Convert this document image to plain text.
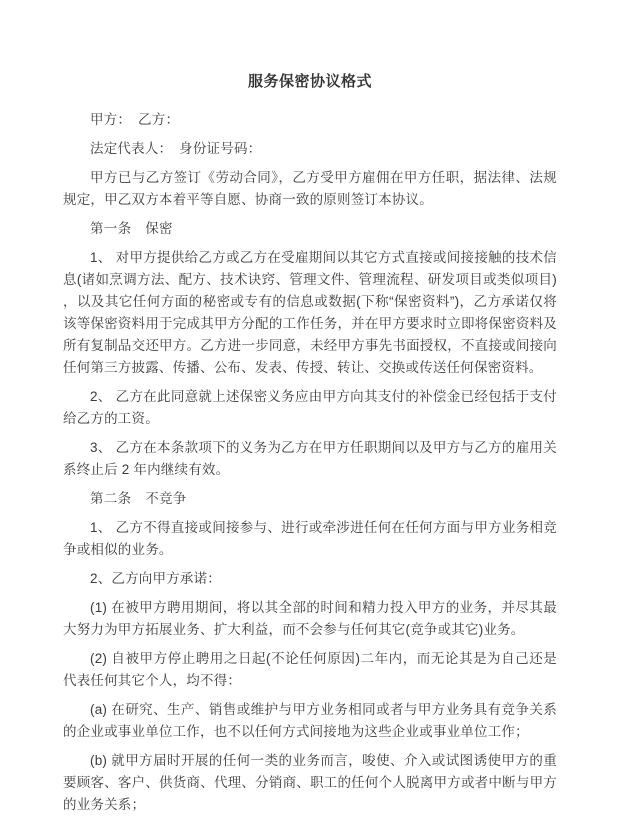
服务保密协议格式

甲方：　乙方：

法定代表人：　身份证号码：

甲方已与乙方签订《劳动合同》，乙方受甲方雇佣在甲方任职，据法律、法规规定，甲乙双方本着平等自愿、协商一致的原则签订本协议。

第一条　保密

1、 对甲方提供给乙方或乙方在受雇期间以其它方式直接或间接接触的技术信息(诸如烹调方法、配方、技术诀窍、管理文件、管理流程、研发项目或类似项目)，以及其它任何方面的秘密或专有的信息或数据(下称“保密资料”)，乙方承诺仅将该等保密资料用于完成其甲方分配的工作任务，并在甲方要求时立即将保密资料及所有复制品交还甲方。乙方进一步同意，未经甲方事先书面授权，不直接或间接向任何第三方披露、传播、公布、发表、传授、转让、交换或传送任何保密资料。

2、 乙方在此同意就上述保密义务应由甲方向其支付的补偿金已经包括于支付给乙方的工资。

3、 乙方在本条款项下的义务为乙方在甲方任职期间以及甲方与乙方的雇用关系终止后 2 年内继续有效。

第二条　不竞争

1、 乙方不得直接或间接参与、进行或牵涉进任何在任何方面与甲方业务相竞争或相似的业务。

2、乙方向甲方承诺：

(1) 在被甲方聘用期间，将以其全部的时间和精力投入甲方的业务，并尽其最大努力为甲方拓展业务、扩大利益，而不会参与任何其它(竞争或其它)业务。

(2) 自被甲方停止聘用之日起(不论任何原因)二年内，而无论其是为自己还是代表任何其它个人，均不得：

(a) 在研究、生产、销售或维护与甲方业务相同或者与甲方业务具有竞争关系的企业或事业单位工作，也不以任何方式间接地为这些企业或事业单位工作；

(b) 就甲方届时开展的任何一类的业务而言，唆使、介入或试图诱使甲方的重要顾客、客户、供货商、代理、分销商、职工的任何个人脱离甲方或者中断与甲方的业务关系；
